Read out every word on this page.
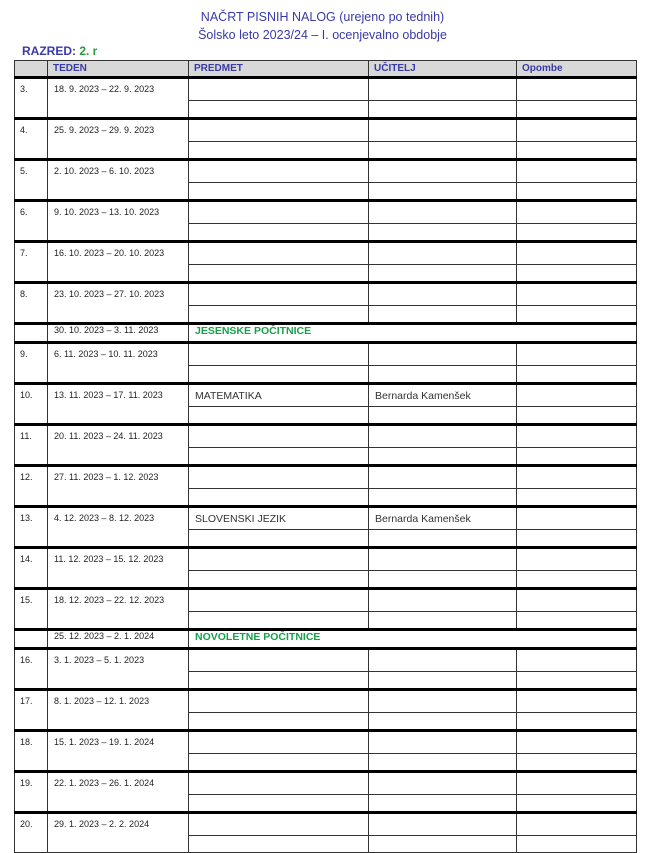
NAČRT PISNIH NALOG (urejeno po tednih)
Šolsko leto 2023/24 – I. ocenjevalno obdobje
RAZRED: 2. r
	TEDEN	PREDMET	UČITELJ	Opombe
3.	18. 9. 2023 – 22. 9. 2023			

4.	25. 9. 2023 – 29. 9. 2023			

5.	2. 10. 2023 – 6. 10. 2023			

6.	9. 10. 2023 – 13. 10. 2023			

7.	16. 10. 2023 – 20. 10. 2023			

8.	23. 10. 2023 – 27. 10. 2023			

	30. 10. 2023 – 3. 11. 2023	JESENSKE POČITNICE		
9.	6. 11. 2023 – 10. 11. 2023			

10.	13. 11. 2023 – 17. 11. 2023	MATEMATIKA	Bernarda Kamenšek	

11.	20. 11. 2023 – 24. 11. 2023			

12.	27. 11. 2023 – 1. 12. 2023			

13.	4. 12. 2023 – 8. 12. 2023	SLOVENSKI JEZIK	Bernarda Kamenšek	

14.	11. 12. 2023 – 15. 12. 2023			

15.	18. 12. 2023 – 22. 12. 2023			

	25. 12. 2023 – 2. 1. 2024	NOVOLETNE POČITNICE		
16.	3. 1. 2023 – 5. 1. 2023			

17.	8. 1. 2023 – 12. 1. 2023			

18.	15. 1. 2023 – 19. 1. 2024			

19.	22. 1. 2023 – 26. 1. 2024			

20.	29. 1. 2023 – 2. 2. 2024			
